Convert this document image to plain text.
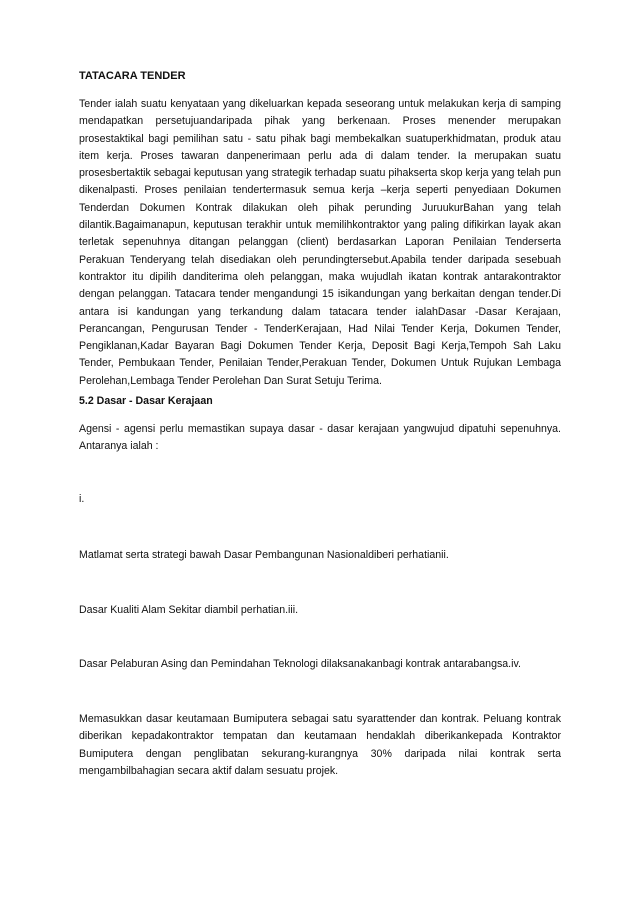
TATACARA TENDER

Tender ialah suatu kenyataan yang dikeluarkan kepada seseorang untuk melakukan kerja di samping mendapatkan persetujuandaripada pihak yang berkenaan. Proses menender merupakan prosestaktikal bagi pemilihan satu - satu pihak bagi membekalkan suatuperkhidmatan, produk atau item kerja. Proses tawaran danpenerimaan perlu ada di dalam tender. Ia merupakan suatu prosesbertaktik sebagai keputusan yang strategik terhadap suatu pihakserta skop kerja yang telah pun dikenalpasti. Proses penilaian tendertermasuk semua kerja –kerja seperti penyediaan Dokumen Tenderdan Dokumen Kontrak dilakukan oleh pihak perunding JuruukurBahan yang telah dilantik.Bagaimanapun, keputusan terakhir untuk memilihkontraktor yang paling difikirkan layak akan terletak sepenuhnya ditangan pelanggan (client) berdasarkan Laporan Penilaian Tenderserta Perakuan Tenderyang telah disediakan oleh perundingtersebut.Apabila tender daripada sesebuah kontraktor itu dipilih danditerima oleh pelanggan, maka wujudlah ikatan kontrak antarakontraktor dengan pelanggan. Tatacara tender mengandungi 15 isikandungan yang berkaitan dengan tender.Di antara isi kandungan yang terkandung dalam tatacara tender ialahDasar -Dasar Kerajaan, Perancangan, Pengurusan Tender - TenderKerajaan, Had Nilai Tender Kerja, Dokumen Tender, Pengiklanan,Kadar Bayaran Bagi Dokumen Tender Kerja, Deposit Bagi Kerja,Tempoh Sah Laku Tender, Pembukaan Tender, Penilaian Tender,Perakuan Tender, Dokumen Untuk Rujukan Lembaga Perolehan,Lembaga Tender Perolehan Dan Surat Setuju Terima.

5.2 Dasar - Dasar Kerajaan

Agensi - agensi perlu memastikan supaya dasar - dasar kerajaan yangwujud dipatuhi sepenuhnya. Antaranya ialah :

i.

Matlamat serta strategi bawah Dasar Pembangunan Nasionaldiberi perhatianii.

Dasar Kualiti Alam Sekitar diambil perhatian.iii.

Dasar Pelaburan Asing dan Pemindahan Teknologi dilaksanakanbagi kontrak antarabangsa.iv.

Memasukkan dasar keutamaan Bumiputera sebagai satu syarattender dan kontrak. Peluang kontrak diberikan kepadakontraktor tempatan dan keutamaan hendaklah diberikankepada Kontraktor Bumiputera dengan penglibatan sekurang-kurangnya 30% daripada nilai kontrak serta mengambilbahagian secara aktif dalam sesuatu projek.
